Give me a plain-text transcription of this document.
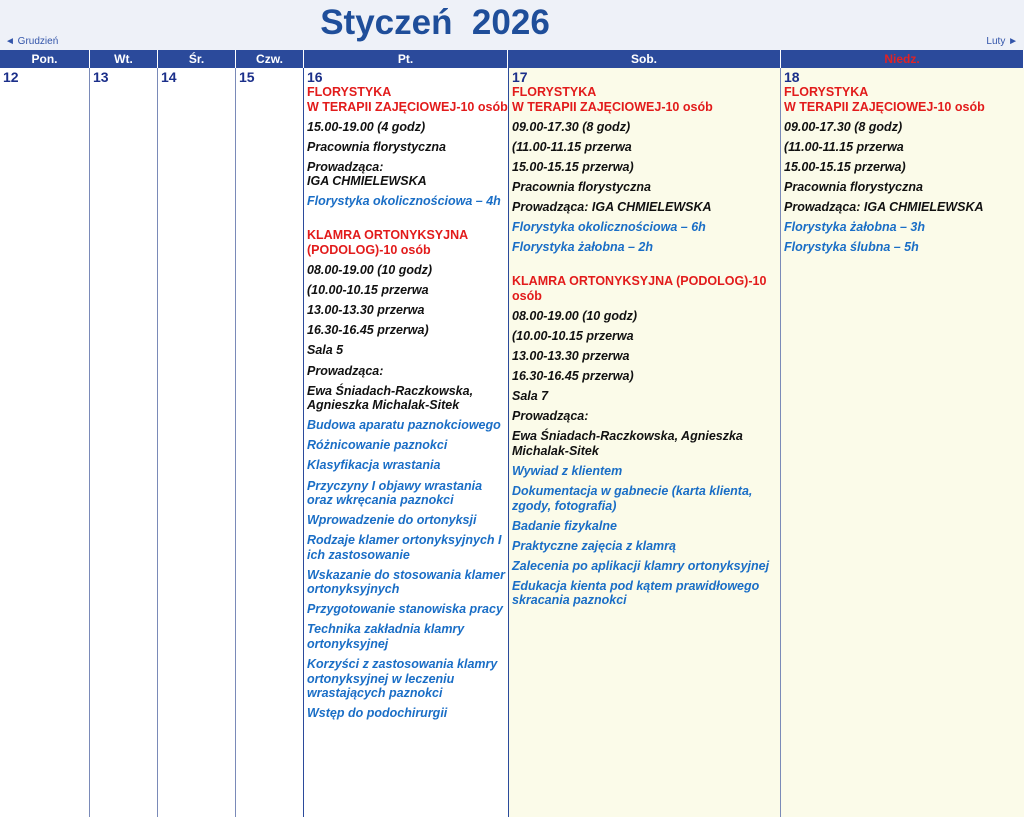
Styczeń  2026
◄ Grudzień	Luty ►
Pon.	Wt.	Śr.	Czw.	Pt.	Sob.	Niedz.
12	13	14	15	16
FLORYSTYKA
W TERAPII ZAJĘCIOWEJ-10 osób
15.00-19.00 (4 godz)
Pracownia florystyczna
Prowadząca:
IGA CHMIELEWSKA
Florystyka okolicznościowa – 4h
KLAMRA ORTONYKSYJNA (PODOLOG)-10 osób
08.00-19.00 (10 godz)
(10.00-10.15 przerwa
13.00-13.30 przerwa
16.30-16.45 przerwa)
Sala 5
Prowadząca:
Ewa Śniadach-Raczkowska, Agnieszka Michalak-Sitek
Budowa aparatu paznokciowego
Różnicowanie paznokci
Klasyfikacja wrastania
Przyczyny I objawy wrastania oraz wkręcania paznokci
Wprowadzenie do ortonyksji
Rodzaje klamer ortonyksyjnych I ich zastosowanie
Wskazanie do stosowania klamer ortonyksyjnych
Przygotowanie stanowiska pracy
Technika zakładnia klamry ortonyksyjnej
Korzyści z zastosowania klamry ortonyksyjnej w leczeniu wrastających paznokci
Wstęp do podochirurgii
17
FLORYSTYKA
W TERAPII ZAJĘCIOWEJ-10 osób
09.00-17.30 (8 godz)
(11.00-11.15 przerwa
15.00-15.15 przerwa)
Pracownia florystyczna
Prowadząca: IGA CHMIELEWSKA
Florystyka okolicznościowa – 6h
Florystyka żałobna – 2h
KLAMRA ORTONYKSYJNA (PODOLOG)-10 osób
08.00-19.00 (10 godz)
(10.00-10.15 przerwa
13.00-13.30 przerwa
16.30-16.45 przerwa)
Sala 7
Prowadząca:
Ewa Śniadach-Raczkowska, Agnieszka Michalak-Sitek
Wywiad z klientem
Dokumentacja w gabnecie (karta klienta, zgody, fotografia)
Badanie fizykalne
Praktyczne zajęcia z klamrą
Zalecenia po aplikacji klamry ortonyksyjnej
Edukacja kienta pod kątem prawidłowego skracania paznokci
18
FLORYSTYKA
W TERAPII ZAJĘCIOWEJ-10 osób
09.00-17.30 (8 godz)
(11.00-11.15 przerwa
15.00-15.15 przerwa)
Pracownia florystyczna
Prowadząca: IGA CHMIELEWSKA
Florystyka żałobna – 3h
Florystyka ślubna – 5h
